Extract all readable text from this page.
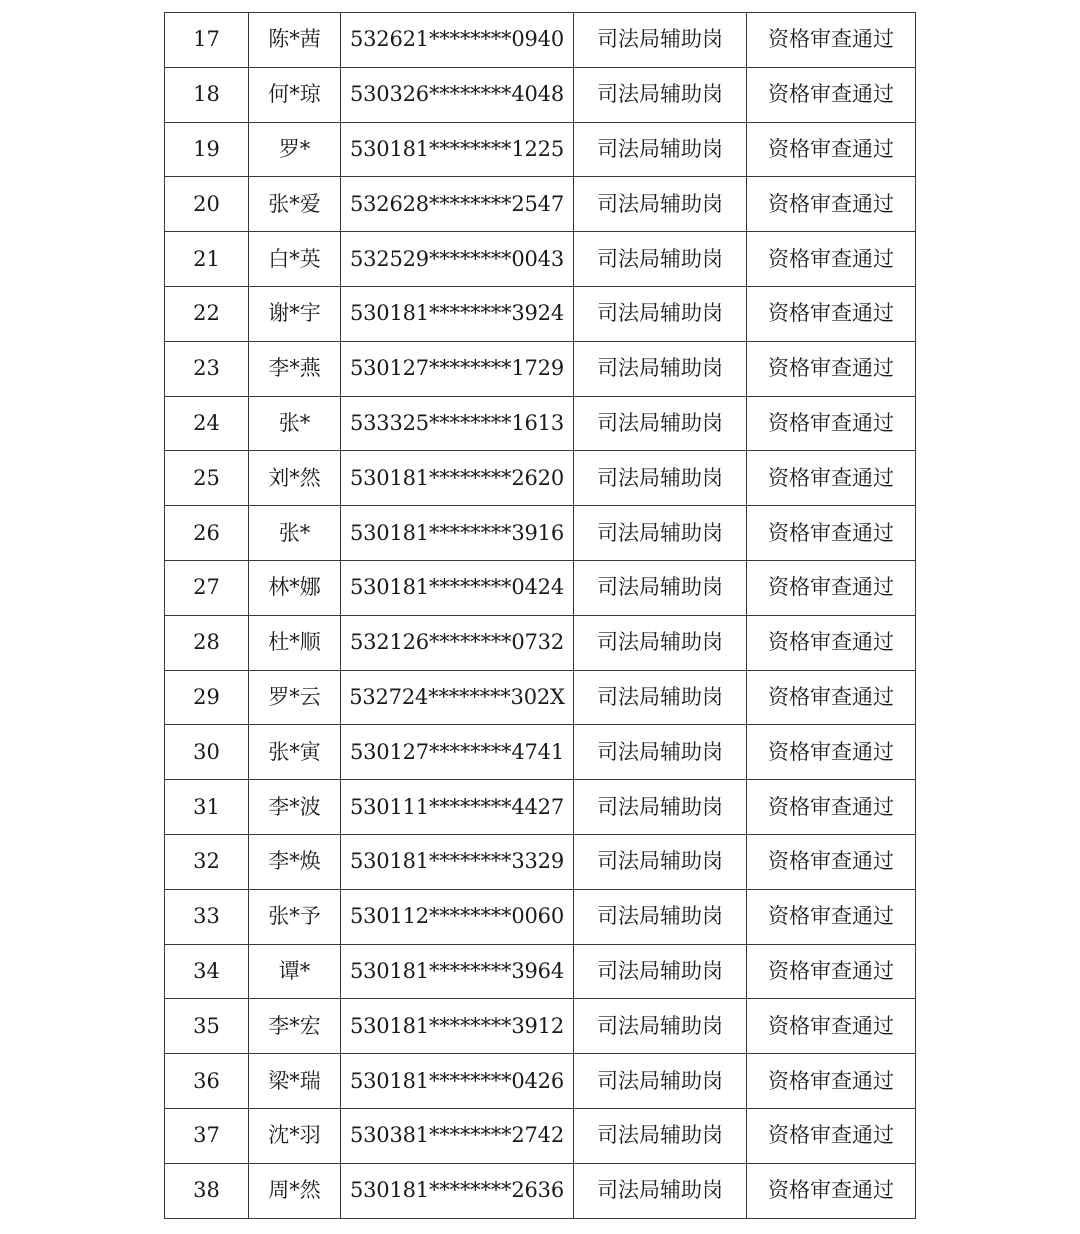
17	陈*茜	532621********0940	司法局辅助岗	资格审查通过
18	何*琼	530326********4048	司法局辅助岗	资格审查通过
19	罗*	530181********1225	司法局辅助岗	资格审查通过
20	张*爱	532628********2547	司法局辅助岗	资格审查通过
21	白*英	532529********0043	司法局辅助岗	资格审查通过
22	谢*宇	530181********3924	司法局辅助岗	资格审查通过
23	李*燕	530127********1729	司法局辅助岗	资格审查通过
24	张*	533325********1613	司法局辅助岗	资格审查通过
25	刘*然	530181********2620	司法局辅助岗	资格审查通过
26	张*	530181********3916	司法局辅助岗	资格审查通过
27	林*娜	530181********0424	司法局辅助岗	资格审查通过
28	杜*顺	532126********0732	司法局辅助岗	资格审查通过
29	罗*云	532724********302X	司法局辅助岗	资格审查通过
30	张*寅	530127********4741	司法局辅助岗	资格审查通过
31	李*波	530111********4427	司法局辅助岗	资格审查通过
32	李*焕	530181********3329	司法局辅助岗	资格审查通过
33	张*予	530112********0060	司法局辅助岗	资格审查通过
34	谭*	530181********3964	司法局辅助岗	资格审查通过
35	李*宏	530181********3912	司法局辅助岗	资格审查通过
36	梁*瑞	530181********0426	司法局辅助岗	资格审查通过
37	沈*羽	530381********2742	司法局辅助岗	资格审查通过
38	周*然	530181********2636	司法局辅助岗	资格审查通过
